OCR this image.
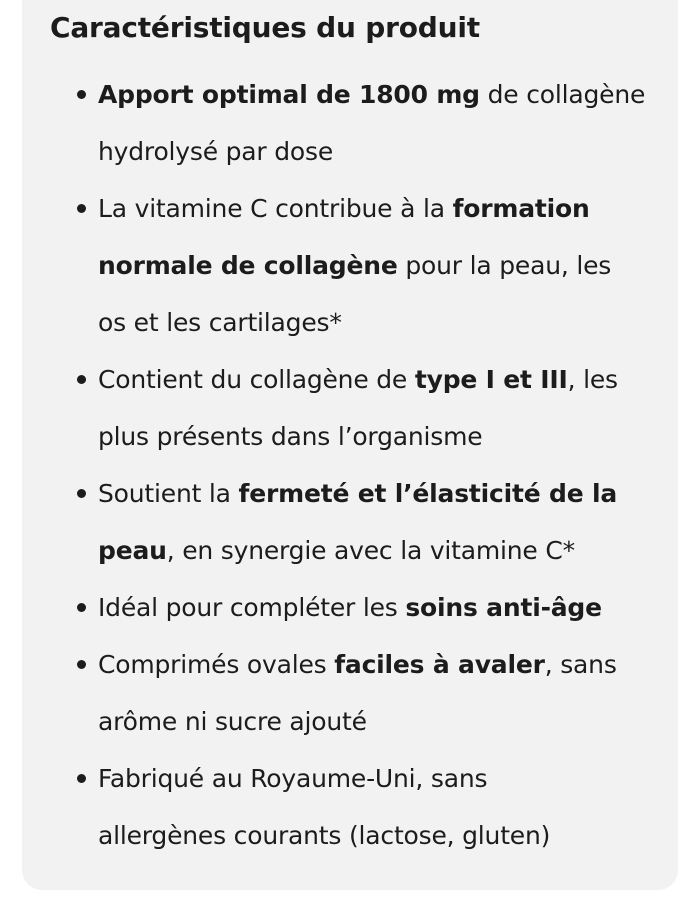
Caractéristiques du produit
Apport optimal de 1800 mg de collagène
hydrolysé par dose
La vitamine C contribue à la formation
normale de collagène pour la peau, les
os et les cartilages*
Contient du collagène de type I et III, les
plus présents dans l’organisme
Soutient la fermeté et l’élasticité de la
peau, en synergie avec la vitamine C*
Idéal pour compléter les soins anti-âge
Comprimés ovales faciles à avaler, sans
arôme ni sucre ajouté
Fabriqué au Royaume-Uni, sans
allergènes courants (lactose, gluten)
